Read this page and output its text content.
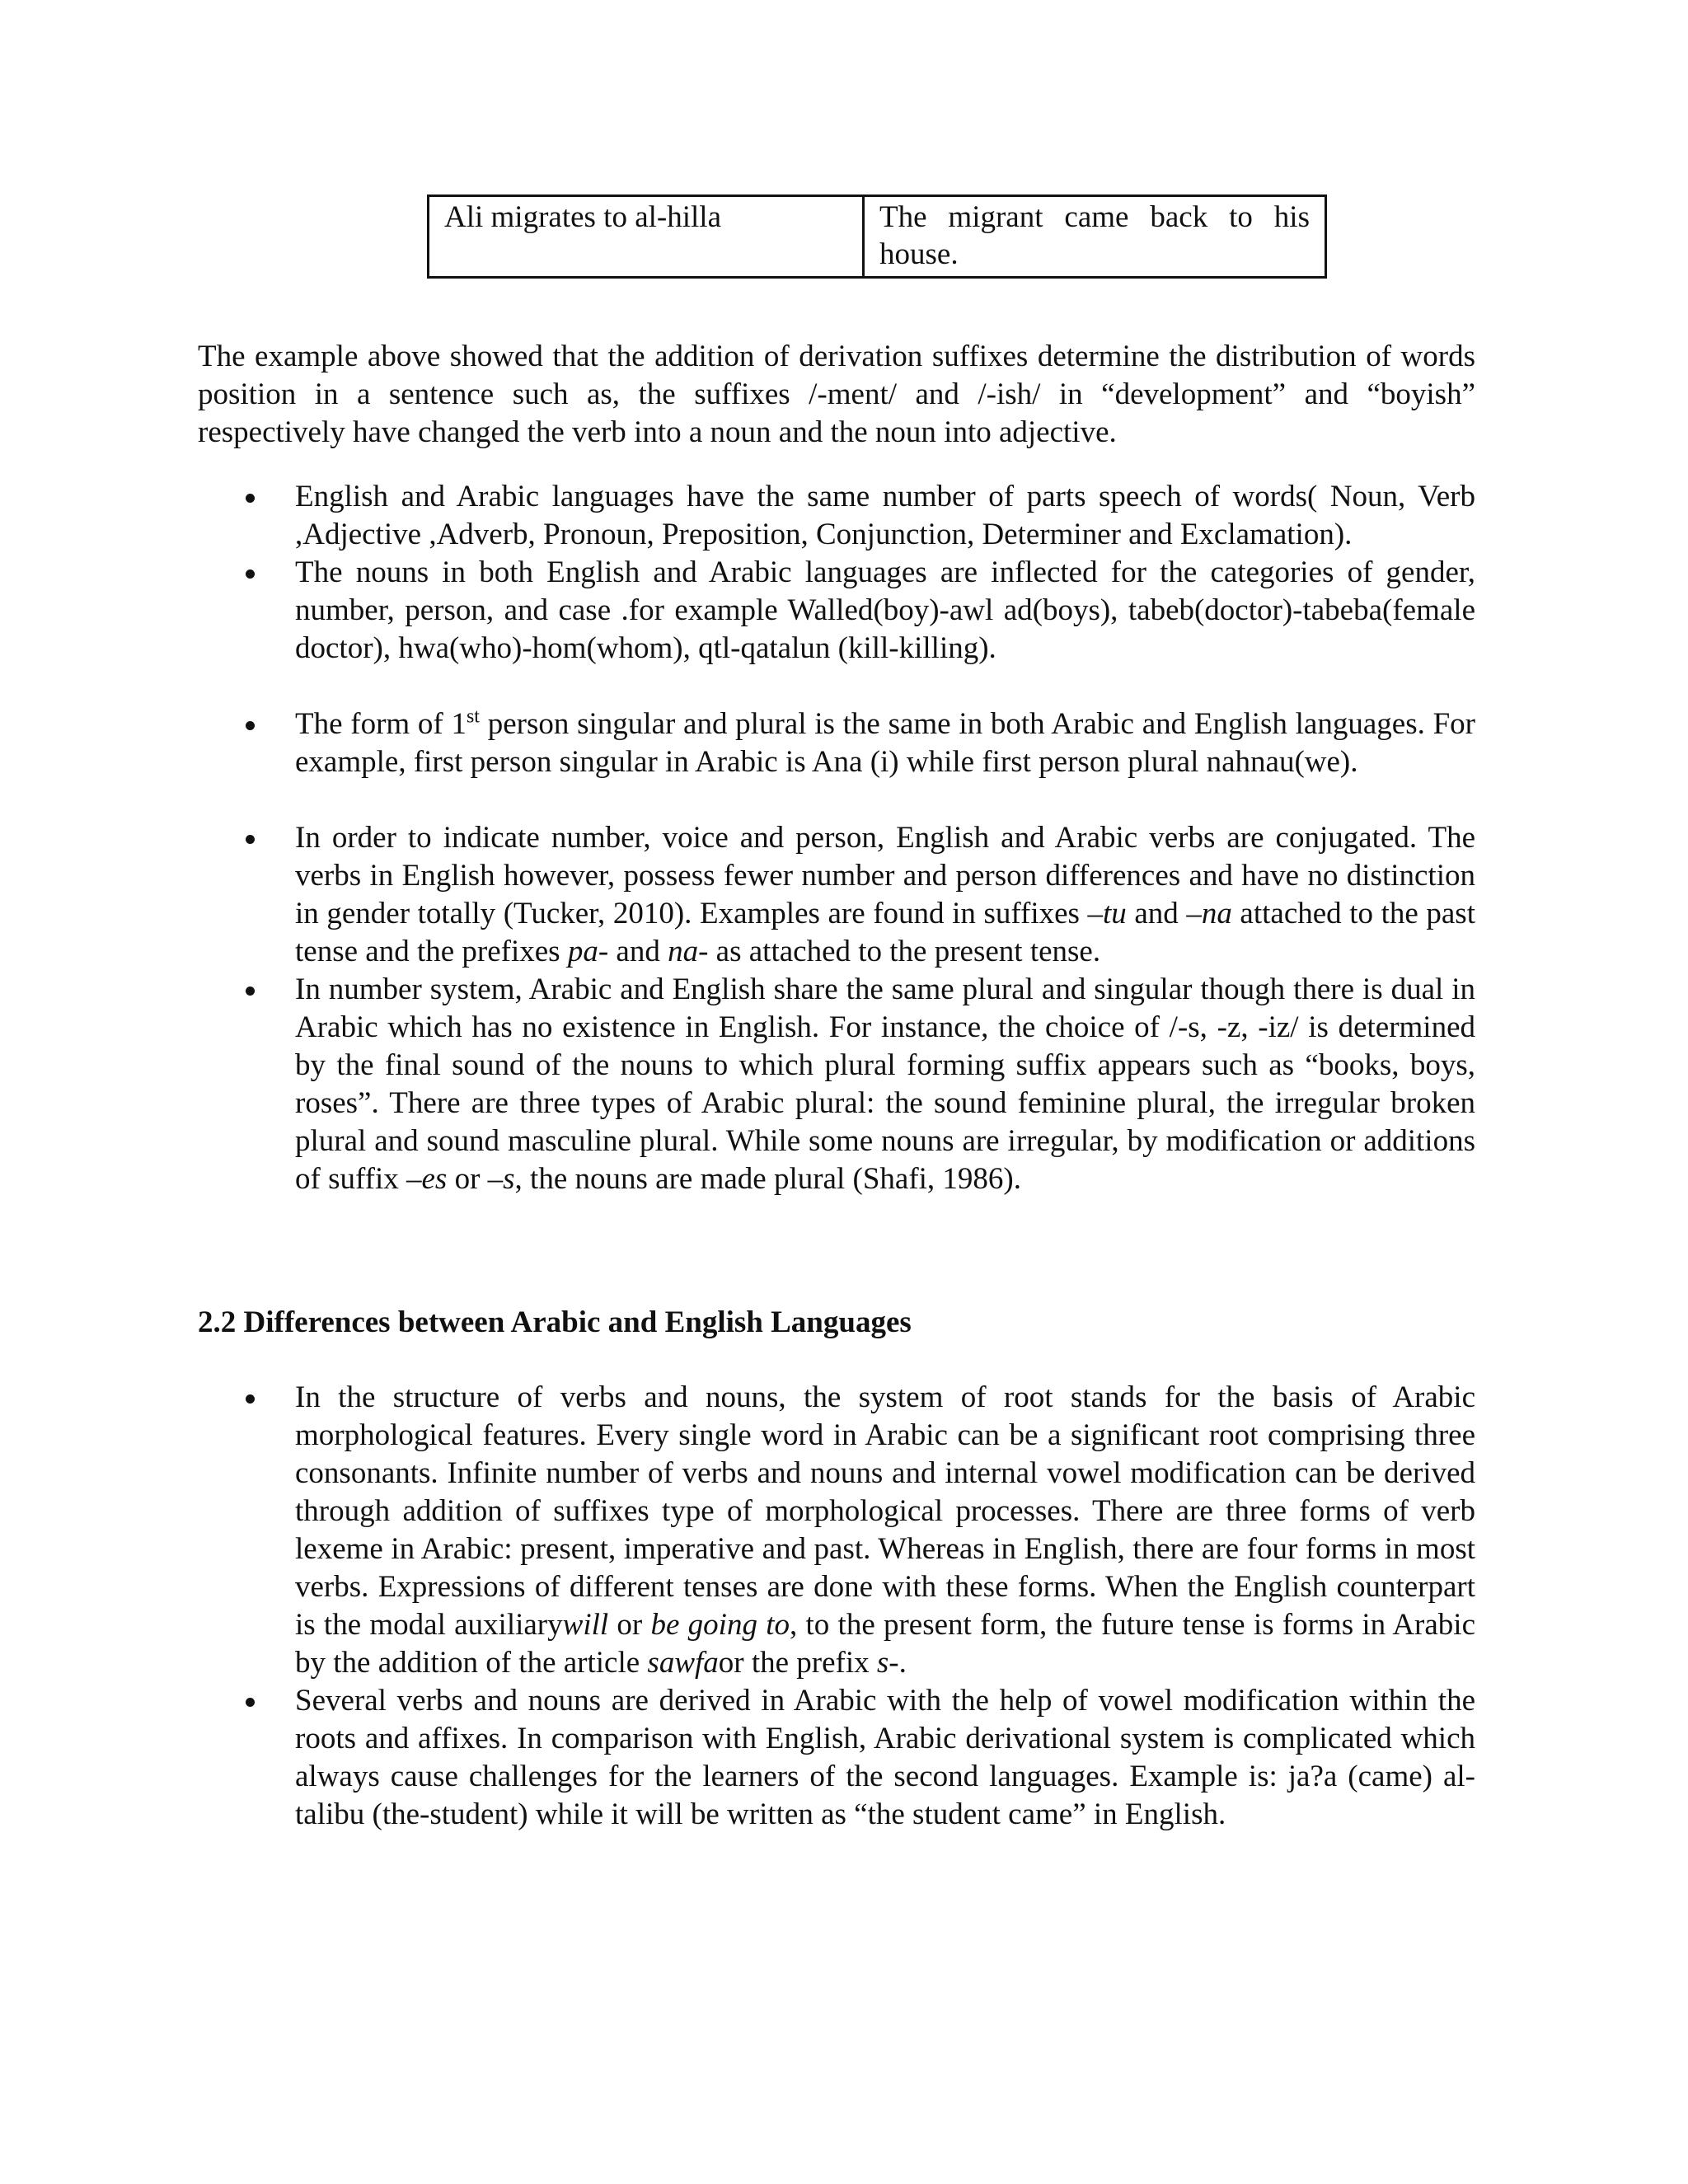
Ali migrates to al-hilla	The migrant came back to his house.

The example above showed that the addition of derivation suffixes determine the distribution of words position in a sentence such as, the suffixes /-ment/ and /-ish/ in “development” and “boyish” respectively have changed the verb into a noun and the noun into adjective.

English and Arabic languages have the same number of parts speech of words( Noun, Verb ,Adjective ,Adverb, Pronoun, Preposition, Conjunction, Determiner and Exclamation).
The nouns in both English and Arabic languages are inflected for the categories of gender, number, person, and case .for example Walled(boy)-awl ad(boys), tabeb(doctor)-tabeba(female doctor), hwa(who)-hom(whom), qtl-qatalun (kill-killing).
The form of 1st person singular and plural is the same in both Arabic and English languages. For example, first person singular in Arabic is Ana (i) while first person plural nahnau(we).
In order to indicate number, voice and person, English and Arabic verbs are conjugated. The verbs in English however, possess fewer number and person differences and have no distinction in gender totally (Tucker, 2010). Examples are found in suffixes –tu and –na attached to the past tense and the prefixes pa- and na- as attached to the present tense.
In number system, Arabic and English share the same plural and singular though there is dual in Arabic which has no existence in English. For instance, the choice of /-s, -z, -iz/ is determined by the final sound of the nouns to which plural forming suffix appears such as “books, boys, roses”. There are three types of Arabic plural: the sound feminine plural, the irregular broken plural and sound masculine plural. While some nouns are irregular, by modification or additions of suffix –es or –s, the nouns are made plural (Shafi, 1986).
2.2 Differences between Arabic and English Languages
In the structure of verbs and nouns, the system of root stands for the basis of Arabic morphological features. Every single word in Arabic can be a significant root comprising three consonants. Infinite number of verbs and nouns and internal vowel modification can be derived through addition of suffixes type of morphological processes. There are three forms of verb lexeme in Arabic: present, imperative and past. Whereas in English, there are four forms in most verbs. Expressions of different tenses are done with these forms. When the English counterpart is the modal auxiliarywill or be going to, to the present form, the future tense is forms in Arabic by the addition of the article sawfaor the prefix s-.
Several verbs and nouns are derived in Arabic with the help of vowel modification within the roots and affixes. In comparison with English, Arabic derivational system is complicated which always cause challenges for the learners of the second languages. Example is: ja?a (came) al-talibu (the-student) while it will be written as “the student came” in English.
